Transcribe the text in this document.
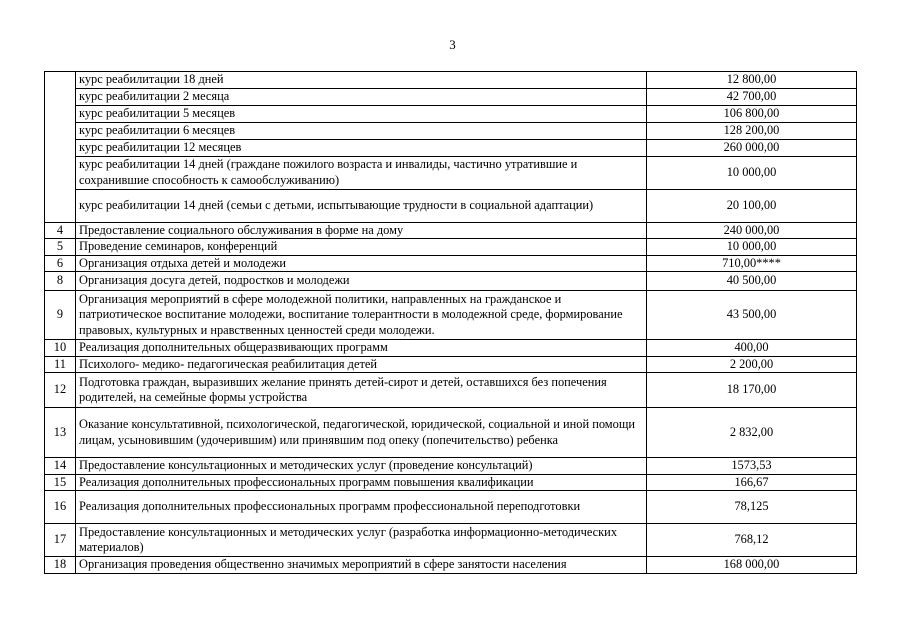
3
	курс реабилитации 18 дней	12 800,00
	курс реабилитации 2 месяца	42 700,00
	курс реабилитации 5 месяцев	106 800,00
	курс реабилитации 6 месяцев	128 200,00
	курс реабилитации 12 месяцев	260 000,00
	курс реабилитации 14 дней (граждане пожилого возраста и инвалиды, частично утратившие и сохранившие способность к самообслуживанию)	10 000,00
	курс реабилитации 14 дней (семьи с детьми, испытывающие трудности в социальной адаптации)	20 100,00
4	Предоставление социального обслуживания в форме на дому	240 000,00
5	Проведение семинаров, конференций	10 000,00
6	Организация отдыха детей и молодежи	710,00****
8	Организация досуга детей, подростков и молодежи	40 500,00
9	Организация мероприятий в сфере молодежной политики, направленных на гражданское и патриотическое воспитание молодежи, воспитание толерантности в молодежной среде, формирование правовых, культурных и нравственных ценностей среди молодежи.	43 500,00
10	Реализация дополнительных общеразвивающих программ	400,00
11	Психолого- медико- педагогическая реабилитация детей	2 200,00
12	Подготовка граждан, выразивших желание принять детей-сирот и детей, оставшихся без попечения родителей, на семейные формы устройства	18 170,00
13	Оказание консультативной, психологической, педагогической, юридической, социальной и иной помощи лицам, усыновившим (удочерившим) или принявшим под опеку (попечительство) ребенка	2 832,00
14	Предоставление консультационных и методических услуг (проведение консультаций)	1573,53
15	Реализация дополнительных профессиональных программ повышения квалификации	166,67
16	Реализация дополнительных профессиональных программ профессиональной переподготовки	78,125
17	Предоставление консультационных и методических услуг (разработка информационно-методических материалов)	768,12
18	Организация проведения общественно значимых мероприятий в сфере занятости населения	168 000,00
